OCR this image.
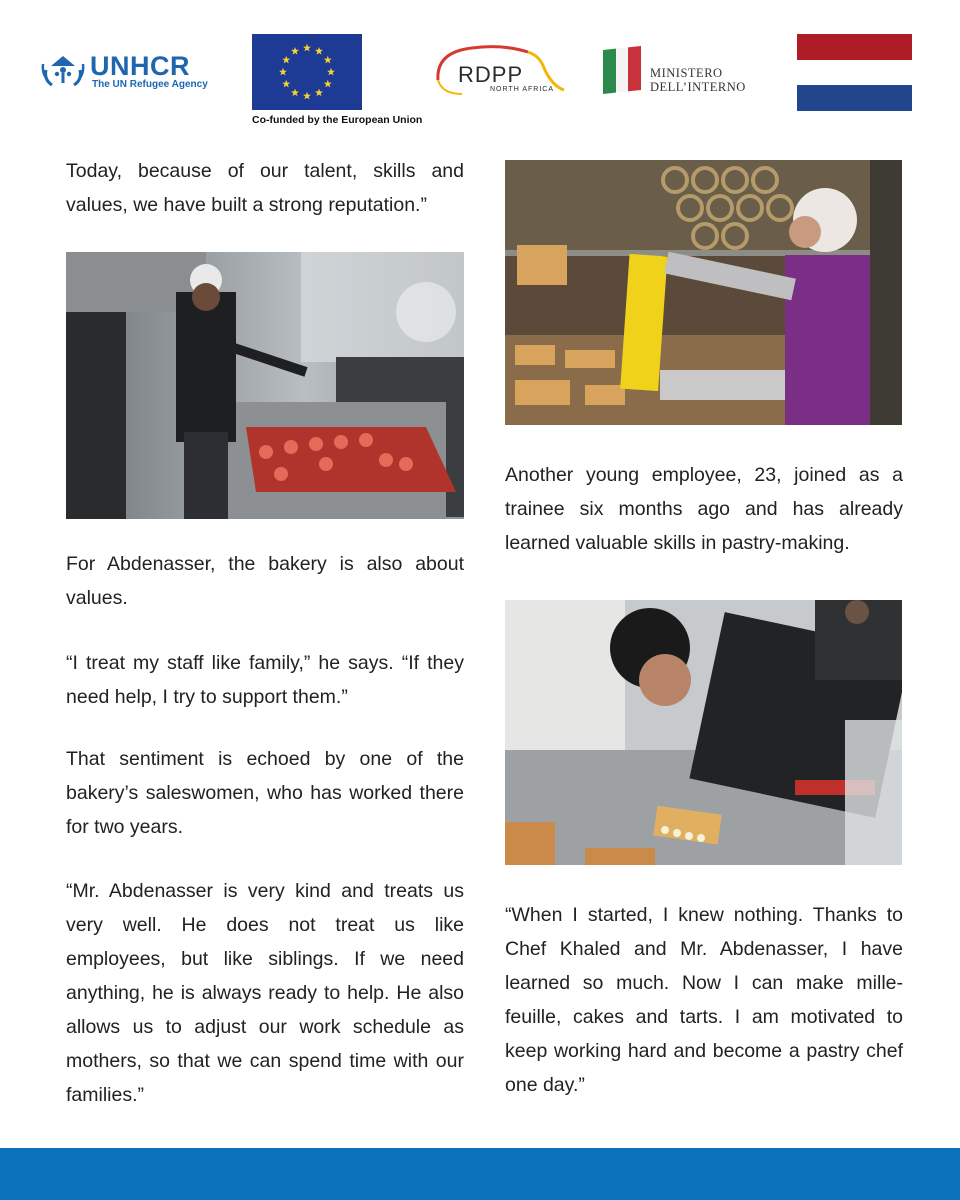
UNHCR
The UN Refugee Agency
Co-funded by the European Union
RDPP
NORTH AFRICA
MINISTERO
DELL’INTERNO
Today, because of our talent, skills and values, we have built a strong reputation.”
For Abdenasser, the bakery is also about values.
“I treat my staff like family,” he says. “If they need help, I try to support them.”
That sentiment is echoed by one of the bakery’s saleswomen, who has worked there for two years.
“Mr. Abdenasser is very kind and treats us very well. He does not treat us like employees, but like siblings. If we need anything, he is always ready to help. He also allows us to adjust our work schedule as mothers, so that we can spend time with our families.”
Another young employee, 23, joined as a trainee six months ago and has already learned valuable skills in pastry-making.
“When I started, I knew nothing. Thanks to Chef Khaled and Mr. Abdenasser, I have learned so much. Now I can make mille-feuille, cakes and tarts. I am motivated to keep working hard and become a pastry chef one day.”
